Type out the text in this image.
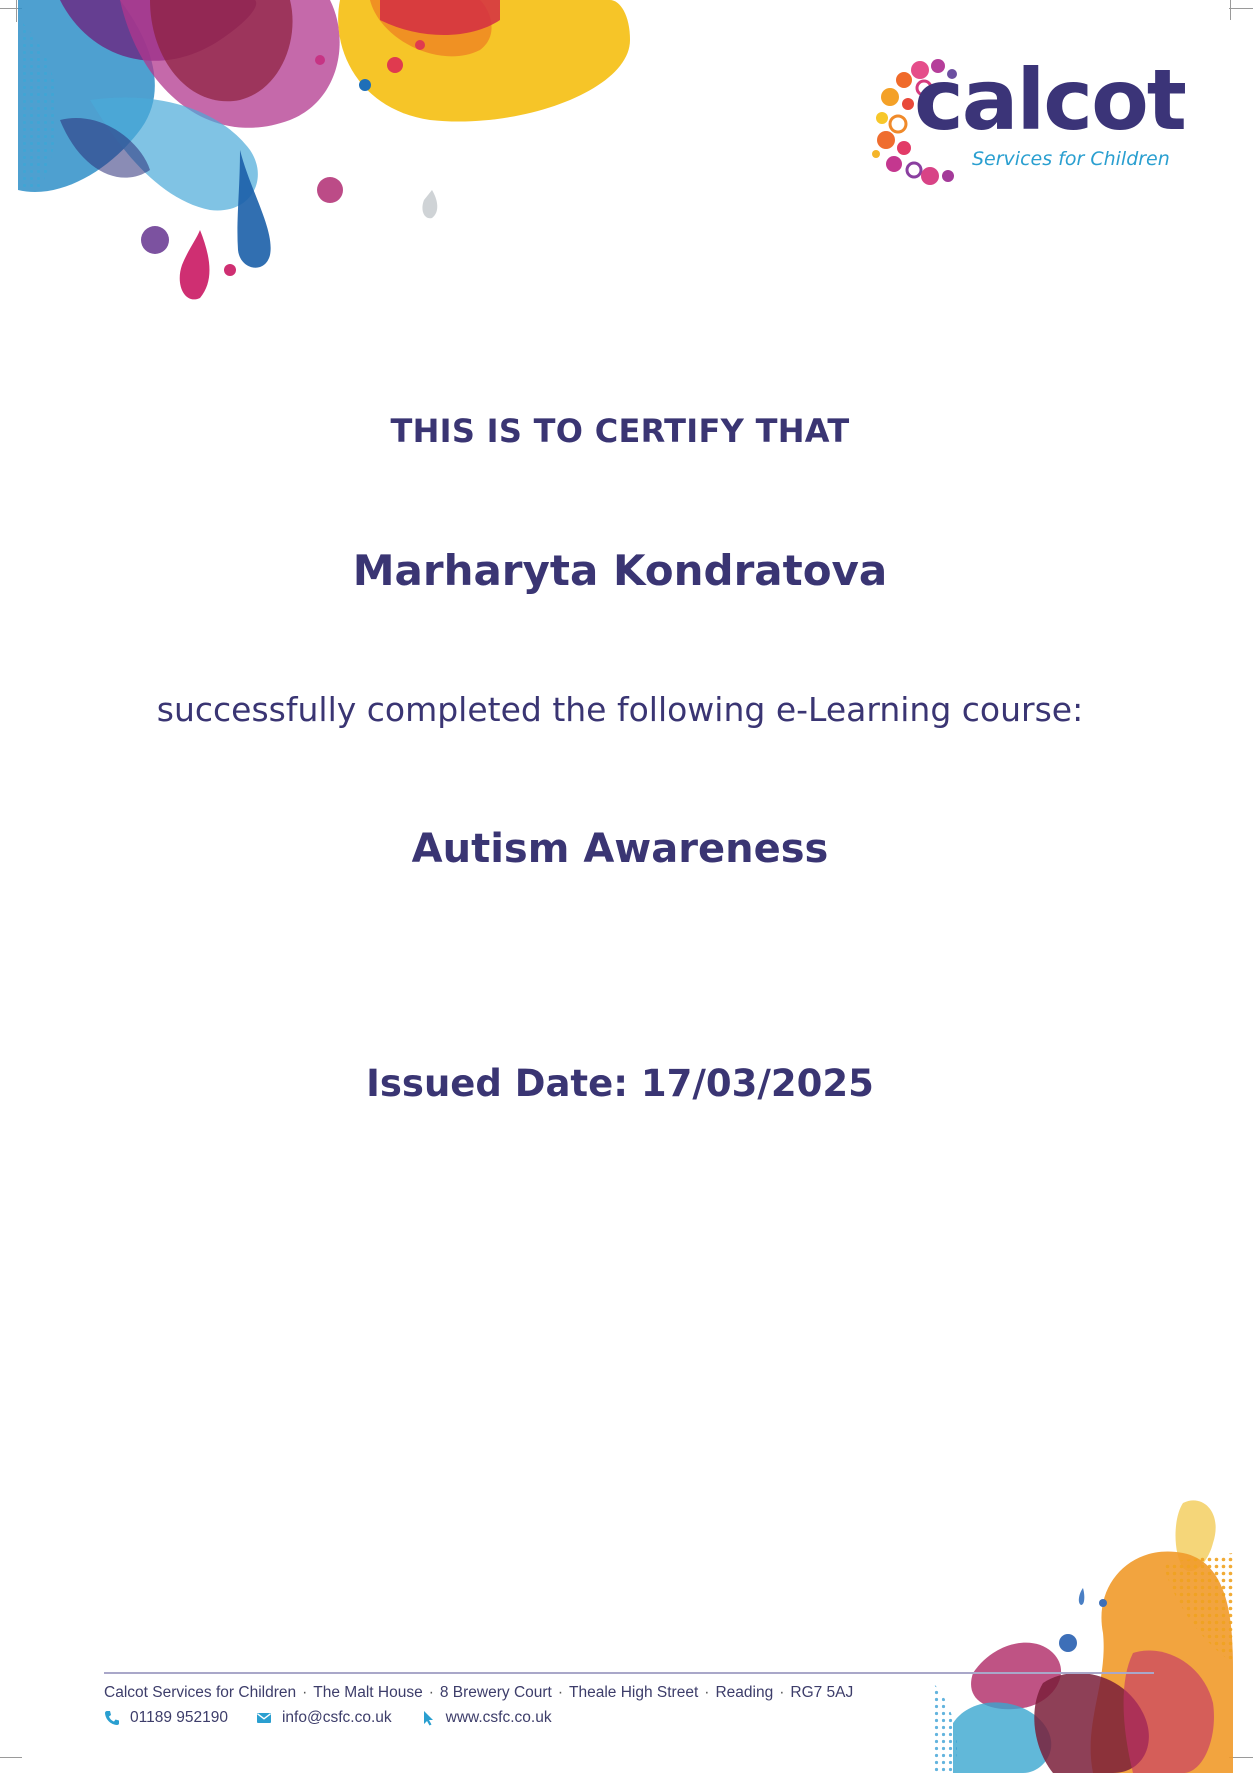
calcot
Services for Children
THIS IS TO CERTIFY THAT
Marharyta Kondratova
successfully completed the following e-Learning course:
Autism Awareness
Issued Date: 17/03/2025
Calcot Services for Children · The Malt House · 8 Brewery Court · Theale High Street · Reading · RG7 5AJ
01189 952190	info@csfc.co.uk	www.csfc.co.uk
